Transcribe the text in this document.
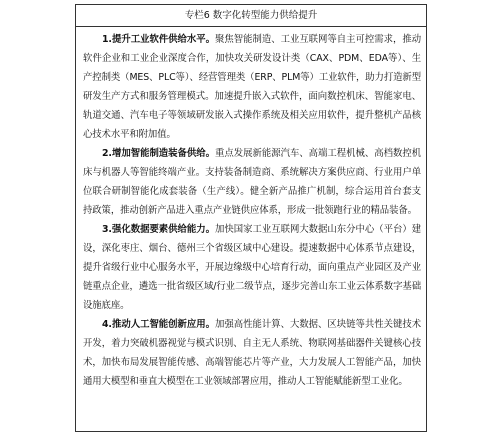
专栏6 数字化转型能力供给提升

1.提升工业软件供给水平。聚焦智能制造、工业互联网等自主可控需求，推动软件企业和工业企业深度合作，加快攻关研发设计类（CAX、PDM、EDA等）、生产控制类（MES、PLC等）、经营管理类（ERP、PLM等）工业软件，助力打造新型研发生产方式和服务管理模式。加速提升嵌入式软件，面向数控机床、智能家电、轨道交通、汽车电子等领域研发嵌入式操作系统及相关应用软件，提升整机产品核心技术水平和附加值。

2.增加智能制造装备供给。重点发展新能源汽车、高端工程机械、高档数控机床与机器人等智能终端产业。支持装备制造商、系统解决方案供应商、行业用户单位联合研制智能化成套装备（生产线）。健全新产品推广机制，综合运用首台套支持政策，推动创新产品进入重点产业链供应体系，形成一批领跑行业的精品装备。

3.强化数据要素供给能力。加快国家工业互联网大数据山东分中心（平台）建设，深化枣庄、烟台、德州三个省级区域中心建设。提速数据中心体系节点建设，提升省级行业中心服务水平，开展边缘级中心培育行动，面向重点产业园区及产业链重点企业，遴选一批省级区域/行业二级节点，逐步完善山东工业云体系数字基础设施底座。

4.推动人工智能创新应用。加强高性能计算、大数据、区块链等共性关键技术开发，着力突破机器视觉与模式识别、自主无人系统、物联网基础器件关键核心技术，加快布局发展智能传感、高端智能芯片等产业，大力发展人工智能产品，加快通用大模型和垂直大模型在工业领域部署应用，推动人工智能赋能新型工业化。
